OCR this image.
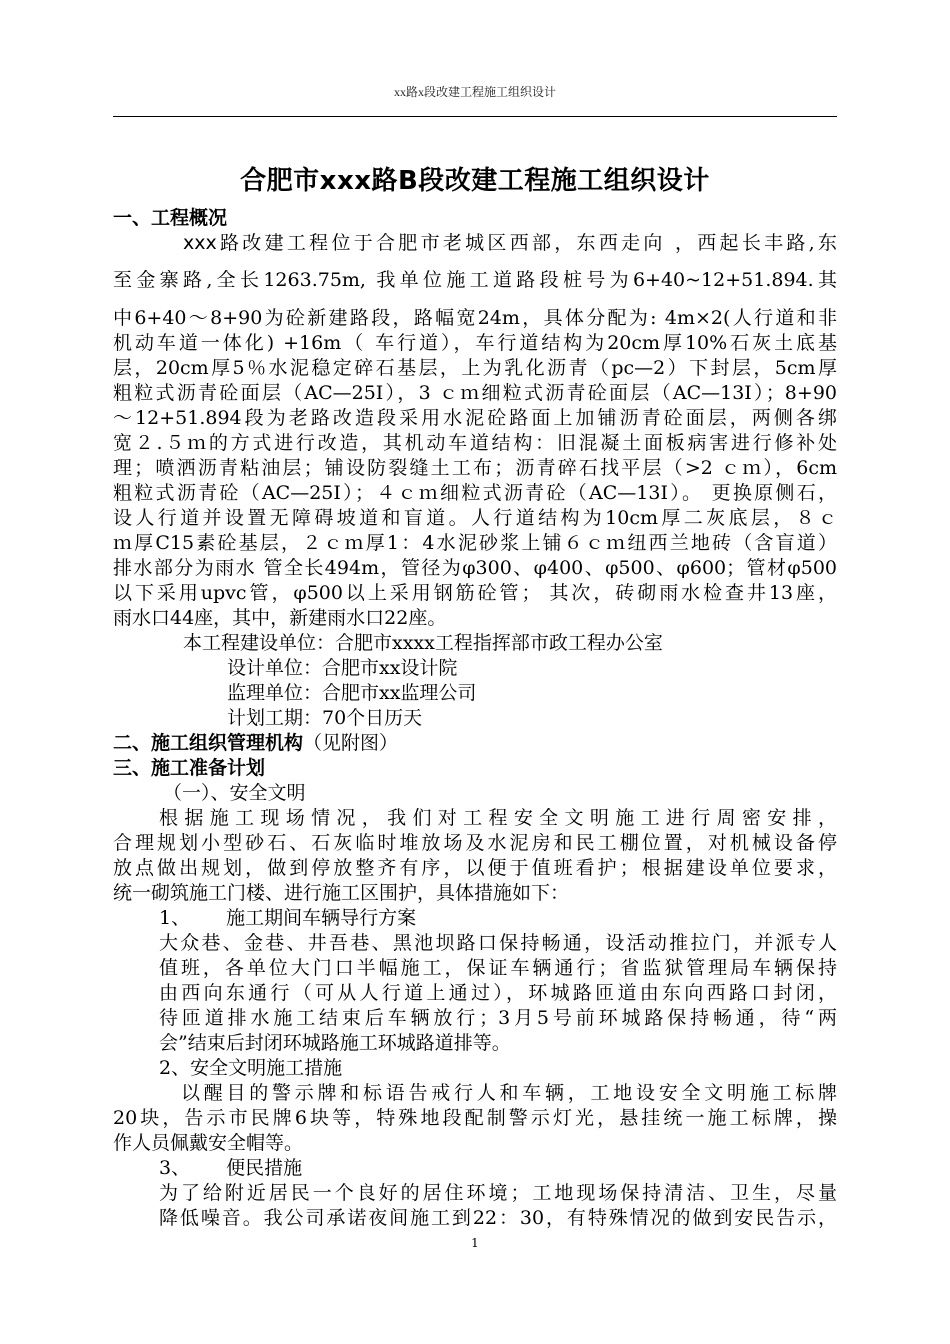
xx路x段改建工程施工组织设计
合肥市xxx路B段改建工程施工组织设计
一、工程概况
xxx路改建工程位于合肥市老城区西部，东西走向 ，西起长丰路,东
至金寨路,全长1263.75m, 我单位施工道路段桩号为6+40~12+51.894.其
中6+40～8+90为砼新建路段，路幅宽24m，具体分配为: 4m×2(人行道和非
机动车道一体化) +16m（ 车行道），车行道结构为20cm厚10%石灰土底基
层，20cm厚5％水泥稳定碎石基层，上为乳化沥青（pc—2）下封层，5cm厚
粗粒式沥青砼面层（AC—25I），3 ｃｍ细粒式沥青砼面层（AC—13I）；8+90
～12+51.894段为老路改造段采用水泥砼路面上加铺沥青砼面层，两侧各绑
宽２.５ｍ的方式进行改造，其机动车道结构：旧混凝土面板病害进行修补处
理；喷洒沥青粘油层；铺设防裂缝土工布；沥青碎石找平层（>2 ｃｍ），6cm
粗粒式沥青砼（AC—25I）；４ｃｍ细粒式沥青砼（AC—13I）。 更换原侧石，
设人行道并设置无障碍坡道和盲道。人行道结构为10cm厚二灰底层，８ｃ
ｍ厚C15素砼基层，２ｃｍ厚1：4水泥砂浆上铺６ｃｍ纽西兰地砖（含盲道）
排水部分为雨水 管全长494m，管径为φ300、φ400、φ500、φ600；管材φ500
以下采用upvc管，φ500以上采用钢筋砼管； 其次，砖砌雨水检查井13座，
雨水口44座，其中，新建雨水口22座。
本工程建设单位：合肥市xxxx工程指挥部市政工程办公室
设计单位：合肥市xx设计院
监理单位：合肥市xx监理公司
计划工期：70个日历天
二、施工组织管理机构（见附图）
三、施工准备计划
（一）、安全文明
根据施工现场情况，我们对工程安全文明施工进行周密安排，
合理规划小型砂石、石灰临时堆放场及水泥房和民工棚位置，对机械设备停
放点做出规划，做到停放整齐有序，以便于值班看护；根据建设单位要求，
统一砌筑施工门楼、进行施工区围护，具体措施如下：
1、 施工期间车辆导行方案
大众巷、金巷、井吾巷、黑池坝路口保持畅通，设活动推拉门，并派专人
值班，各单位大门口半幅施工，保证车辆通行；省监狱管理局车辆保持
由西向东通行（可从人行道上通过），环城路匝道由东向西路口封闭，
待匝道排水施工结束后车辆放行；3月5号前环城路保持畅通，待“两
会”结束后封闭环城路施工环城路道排等。
2、安全文明施工措施
以醒目的警示牌和标语告戒行人和车辆，工地设安全文明施工标牌
20块，告示市民牌6块等，特殊地段配制警示灯光，悬挂统一施工标牌，操
作人员佩戴安全帽等。
3、 便民措施
为了给附近居民一个良好的居住环境；工地现场保持清洁、卫生，尽量
降低噪音。我公司承诺夜间施工到22：30，有特殊情况的做到安民告示，
1
